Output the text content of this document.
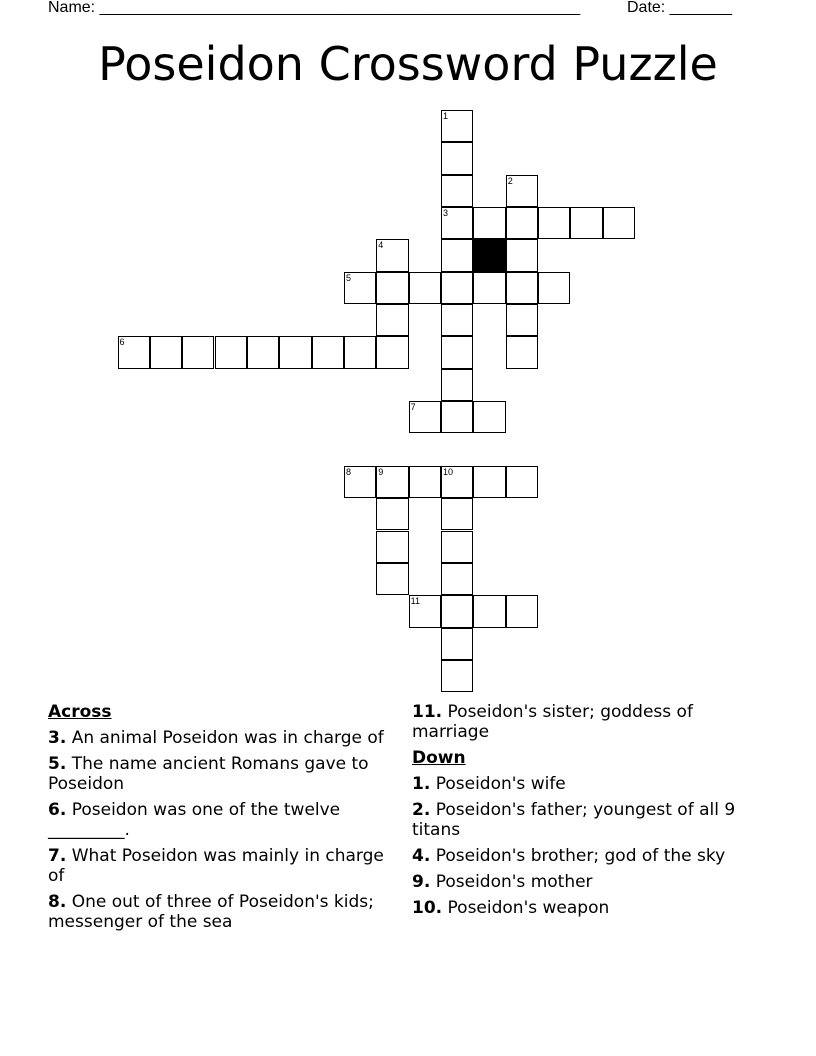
Name: ______________________________________________________	Date: _______
Poseidon Crossword Puzzle
1
2
3
4
5
6
7
8	9	10
11
Across
3. An animal Poseidon was in charge of
5. The name ancient Romans gave to Poseidon
6. Poseidon was one of the twelve _________.
7. What Poseidon was mainly in charge of
8. One out of three of Poseidon's kids; messenger of the sea
11. Poseidon's sister; goddess of marriage
Down
1. Poseidon's wife
2. Poseidon's father; youngest of all 9 titans
4. Poseidon's brother; god of the sky
9. Poseidon's mother
10. Poseidon's weapon
